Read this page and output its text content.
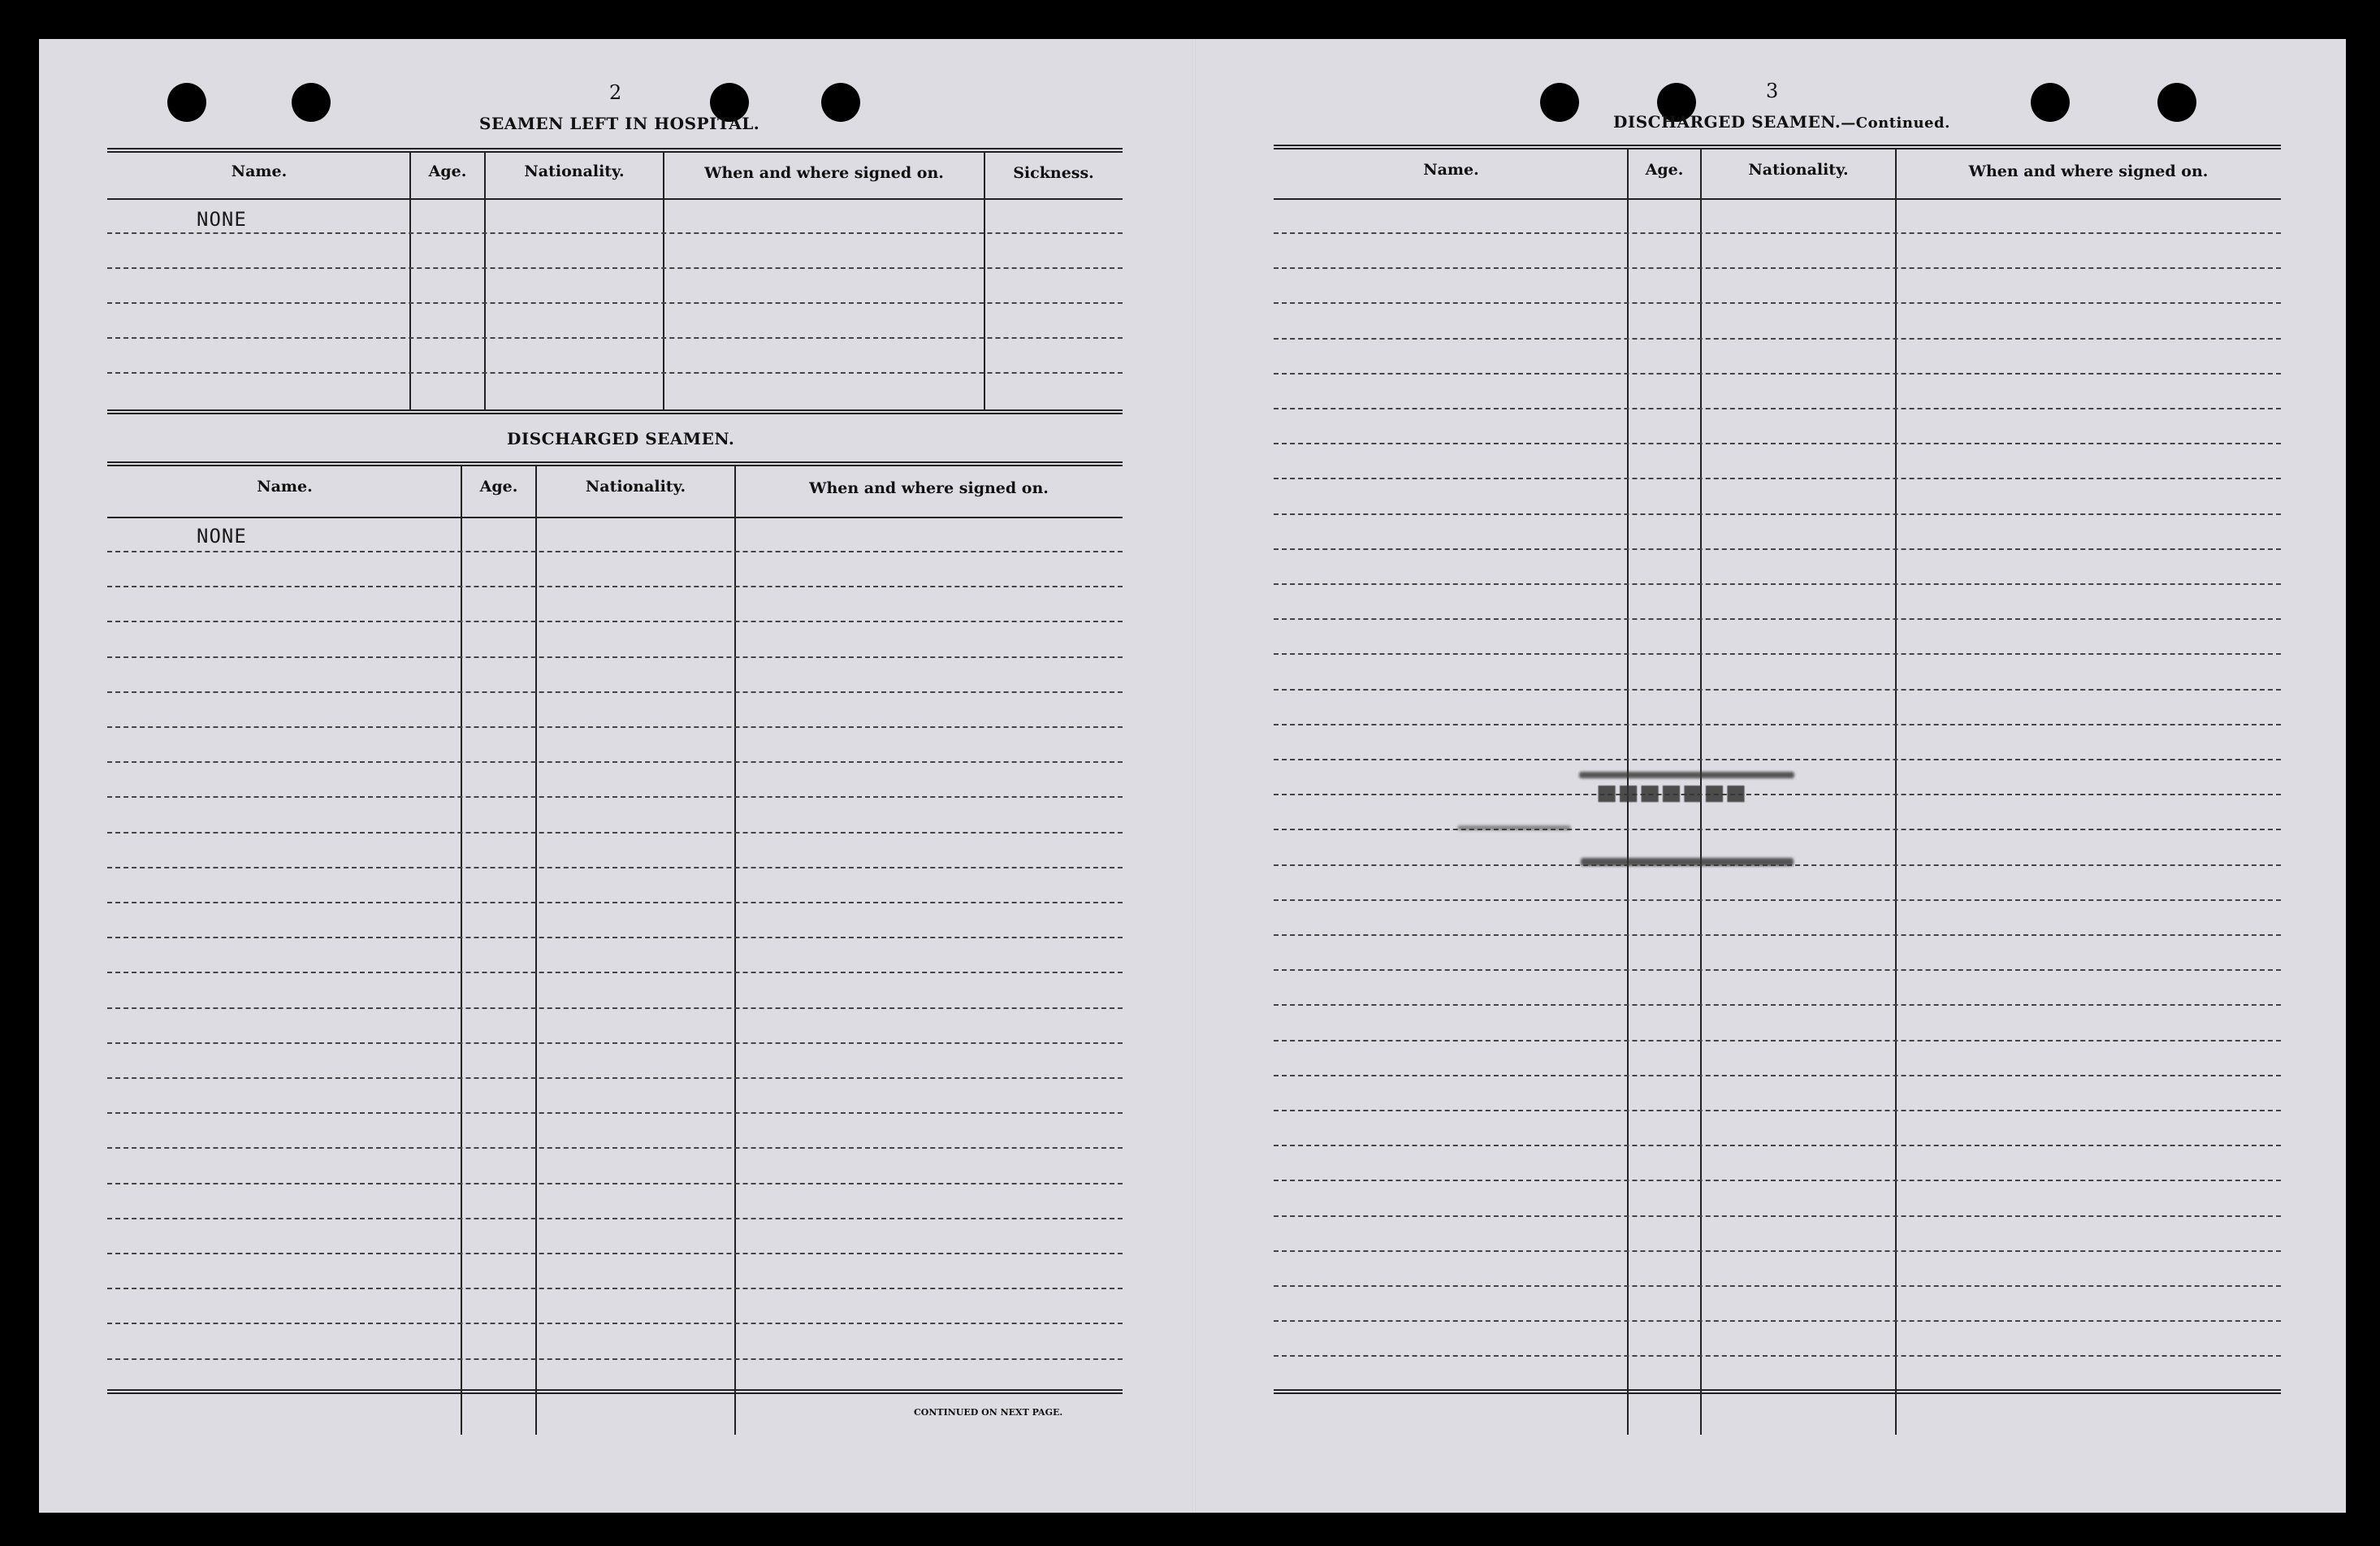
2
SEAMEN LEFT IN HOSPITAL.
Name.	Age.	Nationality.	When and where signed on.	Sickness.
NONE
DISCHARGED SEAMEN.
Name.	Age.	Nationality.	When and where signed on.
NONE
CONTINUED ON NEXT PAGE.
3
DISCHARGED SEAMEN.—Continued.
Name.	Age.	Nationality.	When and where signed on.
▀▀▀▀▀▀▀
